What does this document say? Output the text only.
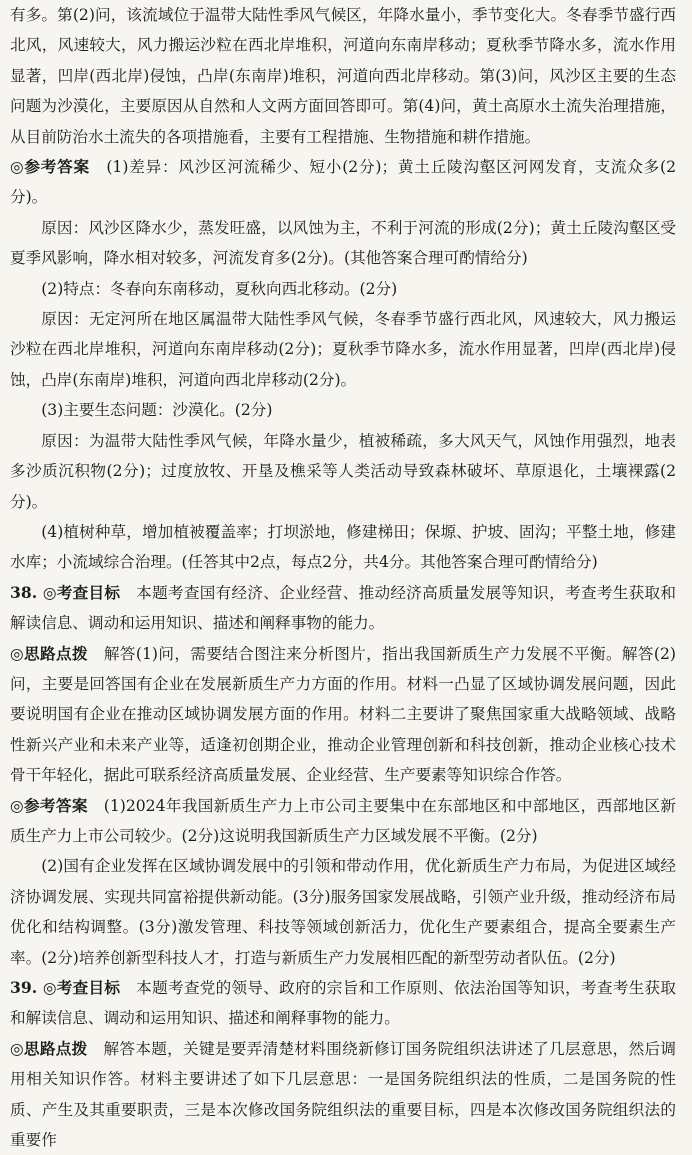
有多。第(2)问，该流域位于温带大陆性季风气候区，年降水量小，季节变化大。冬春季节盛行西北风，风速较大，风力搬运沙粒在西北岸堆积，河道向东南岸移动；夏秋季节降水多，流水作用显著，凹岸(西北岸)侵蚀，凸岸(东南岸)堆积，河道向西北岸移动。第(3)问，风沙区主要的生态问题为沙漠化，主要原因从自然和人文两方面回答即可。第(4)问，黄土高原水土流失治理措施，从目前防治水土流失的各项措施看，主要有工程措施、生物措施和耕作措施。

◎参考答案　(1)差异：风沙区河流稀少、短小(2分)；黄土丘陵沟壑区河网发育，支流众多(2分)。

原因：风沙区降水少，蒸发旺盛，以风蚀为主，不利于河流的形成(2分)；黄土丘陵沟壑区受夏季风影响，降水相对较多，河流发育多(2分)。(其他答案合理可酌情给分)

(2)特点：冬春向东南移动，夏秋向西北移动。(2分)

原因：无定河所在地区属温带大陆性季风气候，冬春季节盛行西北风，风速较大，风力搬运沙粒在西北岸堆积，河道向东南岸移动(2分)；夏秋季节降水多，流水作用显著，凹岸(西北岸)侵蚀，凸岸(东南岸)堆积，河道向西北岸移动(2分)。

(3)主要生态问题：沙漠化。(2分)

原因：为温带大陆性季风气候，年降水量少，植被稀疏，多大风天气，风蚀作用强烈，地表多沙质沉积物(2分)；过度放牧、开垦及樵采等人类活动导致森林破坏、草原退化，土壤裸露(2分)。

(4)植树种草，增加植被覆盖率；打坝淤地，修建梯田；保塬、护坡、固沟；平整土地，修建水库；小流域综合治理。(任答其中2点，每点2分，共4分。其他答案合理可酌情给分)

38. ◎考查目标　本题考查国有经济、企业经营、推动经济高质量发展等知识，考查考生获取和解读信息、调动和运用知识、描述和阐释事物的能力。

◎思路点拨　解答(1)问，需要结合图注来分析图片，指出我国新质生产力发展不平衡。解答(2)问，主要是回答国有企业在发展新质生产力方面的作用。材料一凸显了区域协调发展问题，因此要说明国有企业在推动区域协调发展方面的作用。材料二主要讲了聚焦国家重大战略领域、战略性新兴产业和未来产业等，适逢初创期企业，推动企业管理创新和科技创新，推动企业核心技术骨干年轻化，据此可联系经济高质量发展、企业经营、生产要素等知识综合作答。

◎参考答案　(1)2024年我国新质生产力上市公司主要集中在东部地区和中部地区，西部地区新质生产力上市公司较少。(2分)这说明我国新质生产力区域发展不平衡。(2分)

(2)国有企业发挥在区域协调发展中的引领和带动作用，优化新质生产力布局，为促进区域经济协调发展、实现共同富裕提供新动能。(3分)服务国家发展战略，引领产业升级，推动经济布局优化和结构调整。(3分)激发管理、科技等领域创新活力，优化生产要素组合，提高全要素生产率。(2分)培养创新型科技人才，打造与新质生产力发展相匹配的新型劳动者队伍。(2分)

39. ◎考查目标　本题考查党的领导、政府的宗旨和工作原则、依法治国等知识，考查考生获取和解读信息、调动和运用知识、描述和阐释事物的能力。

◎思路点拨　解答本题，关键是要弄清楚材料围绕新修订国务院组织法讲述了几层意思，然后调用相关知识作答。材料主要讲述了如下几层意思：一是国务院组织法的性质，二是国务院的性质、产生及其重要职责，三是本次修改国务院组织法的重要目标，四是本次修改国务院组织法的重要作
